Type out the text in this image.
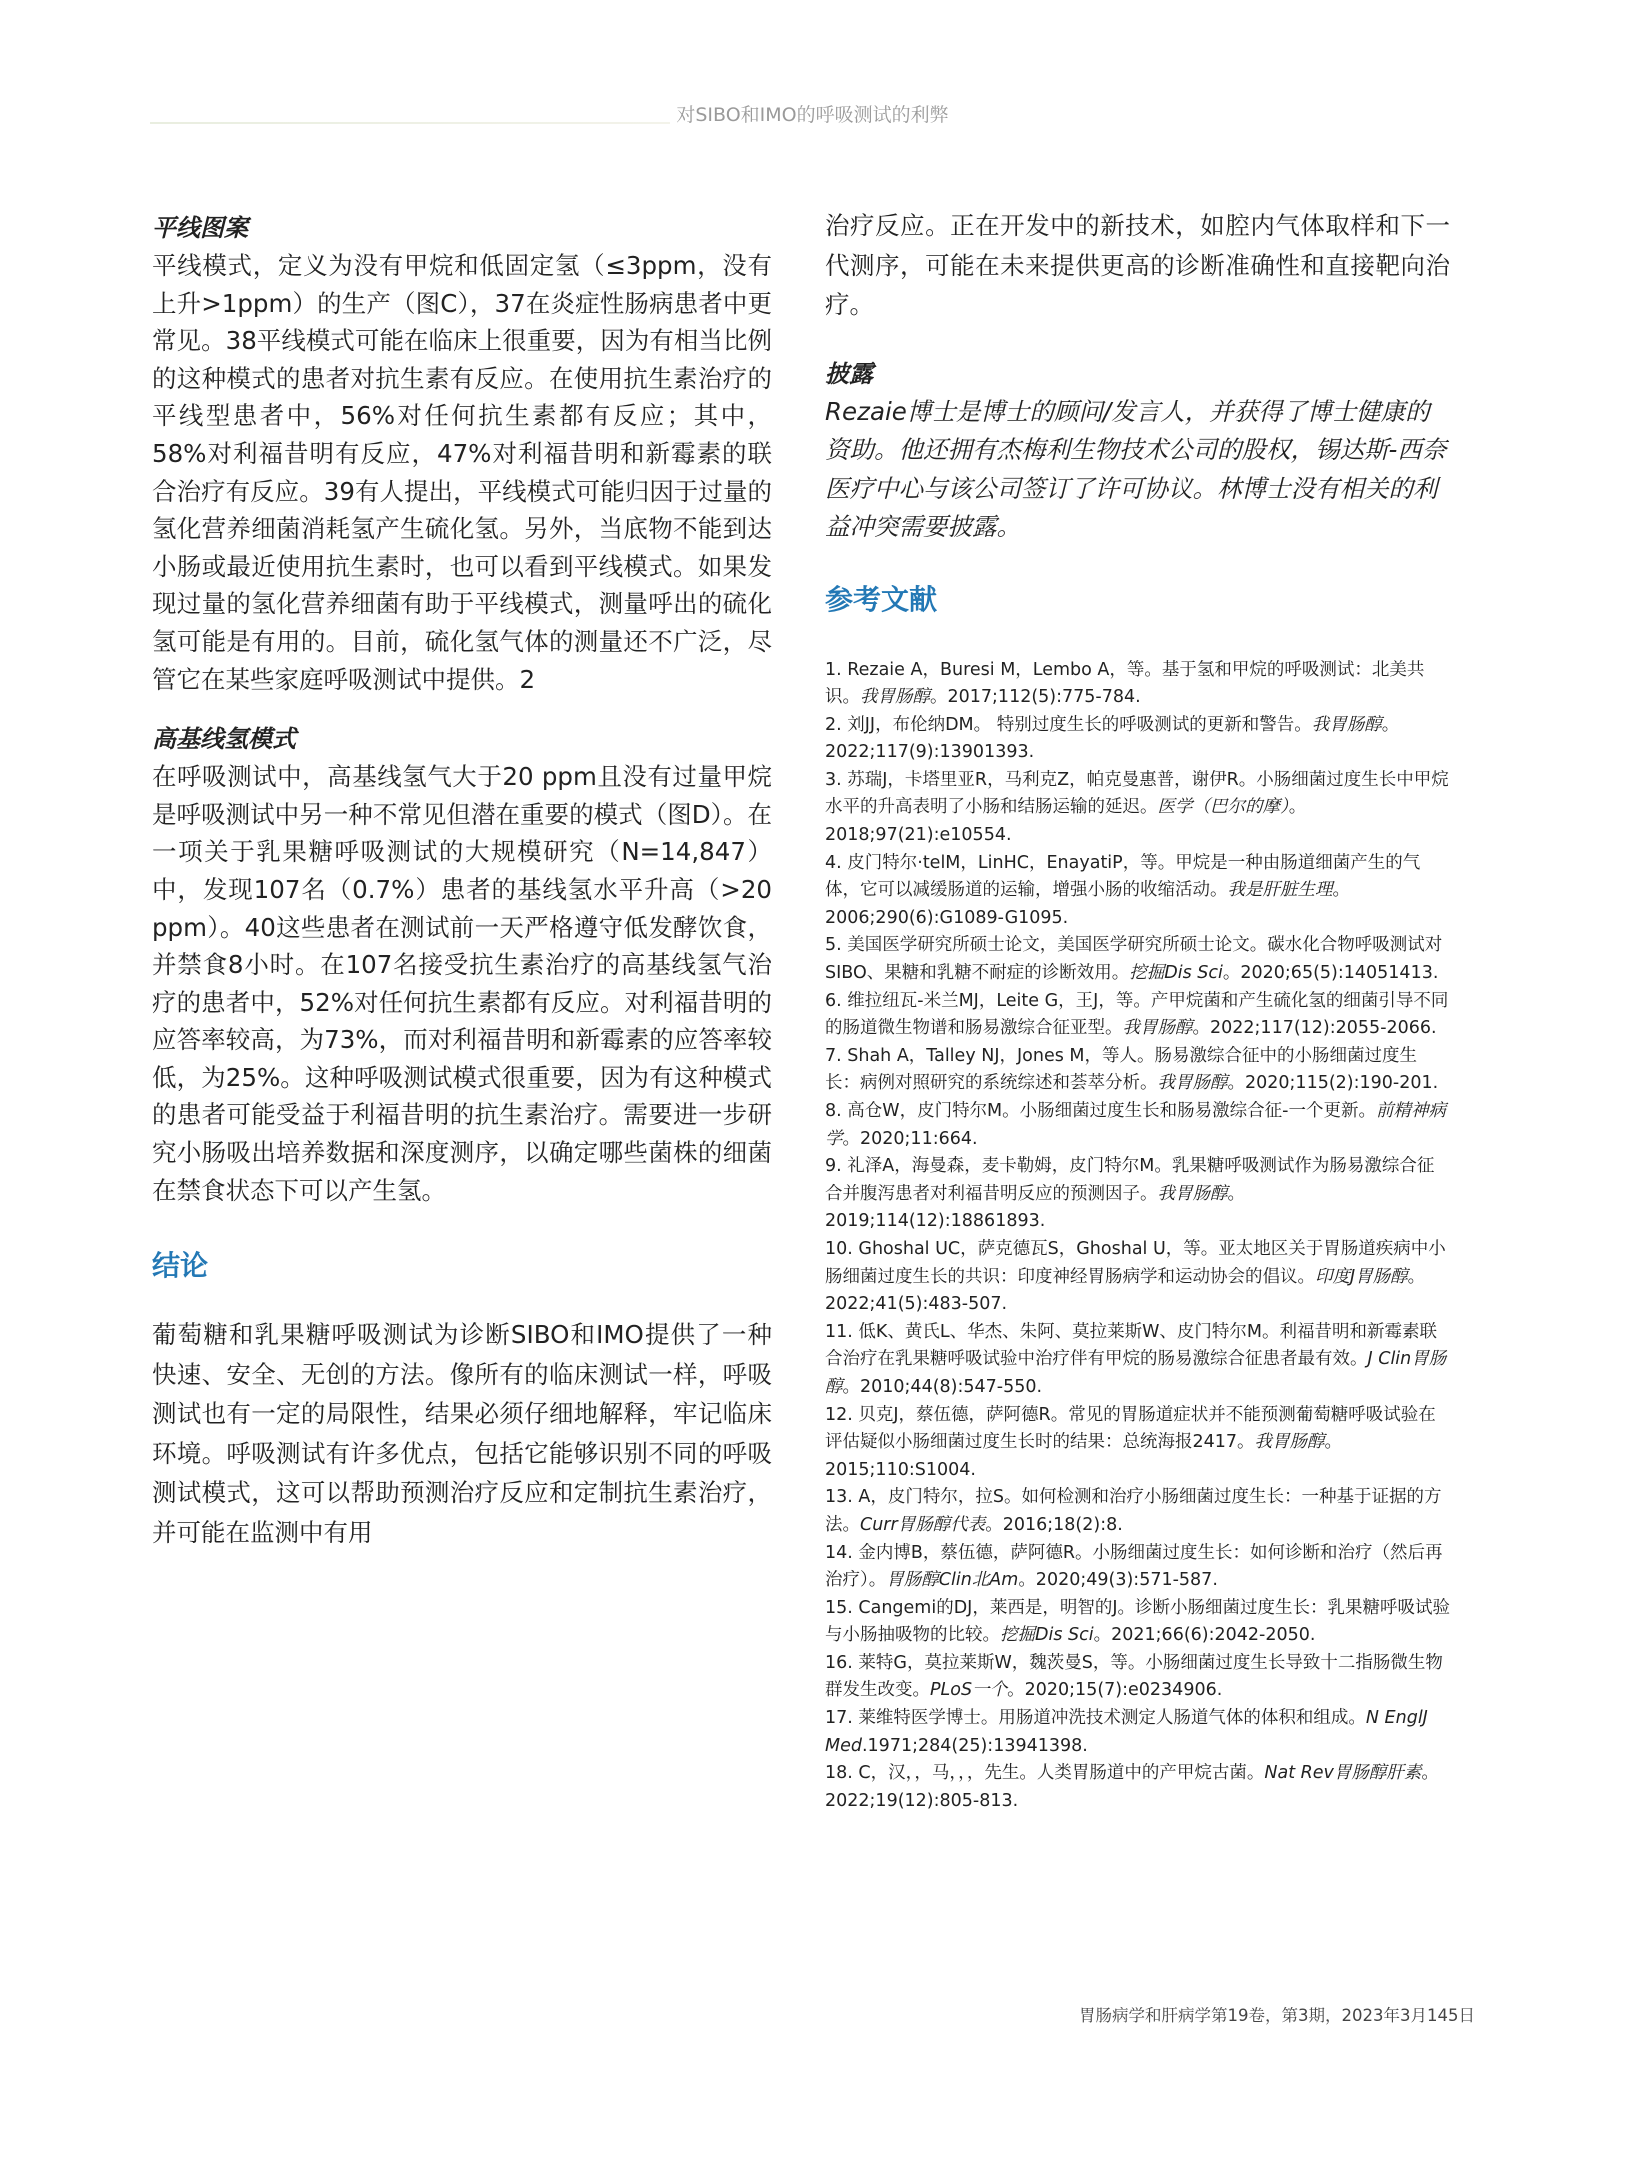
对SIBO和IMO的呼吸测试的利弊
平线图案

平线模式，定义为没有甲烷和低固定氢（≤3ppm，没有上升>1ppm）的生产（图C），37在炎症性肠病患者中更常见。38平线模式可能在临床上很重要，因为有相当比例的这种模式的患者对抗生素有反应。在使用抗生素治疗的平线型患者中，56%对任何抗生素都有反应；其中，58%对利福昔明有反应，47%对利福昔明和新霉素的联合治疗有反应。39有人提出，平线模式可能归因于过量的氢化营养细菌消耗氢产生硫化氢。另外，当底物不能到达小肠或最近使用抗生素时，也可以看到平线模式。如果发现过量的氢化营养细菌有助于平线模式，测量呼出的硫化氢可能是有用的。目前，硫化氢气体的测量还不广泛，尽管它在某些家庭呼吸测试中提供。2

高基线氢模式

在呼吸测试中，高基线氢气大于20 ppm且没有过量甲烷是呼吸测试中另一种不常见但潜在重要的模式（图D）。在一项关于乳果糖呼吸测试的大规模研究（N=14,847）中，发现107名（0.7%）患者的基线氢水平升高（>20 ppm）。40这些患者在测试前一天严格遵守低发酵饮食，并禁食8小时。在107名接受抗生素治疗的高基线氢气治疗的患者中，52%对任何抗生素都有反应。对利福昔明的应答率较高，为73%，而对利福昔明和新霉素的应答率较低，为25%。这种呼吸测试模式很重要，因为有这种模式的患者可能受益于利福昔明的抗生素治疗。需要进一步研究小肠吸出培养数据和深度测序，以确定哪些菌株的细菌在禁食状态下可以产生氢。

结论

葡萄糖和乳果糖呼吸测试为诊断SIBO和IMO提供了一种快速、安全、无创的方法。像所有的临床测试一样，呼吸测试也有一定的局限性，结果必须仔细地解释，牢记临床环境。呼吸测试有许多优点，包括它能够识别不同的呼吸测试模式，这可以帮助预测治疗反应和定制抗生素治疗，并可能在监测中有用

治疗反应。正在开发中的新技术，如腔内气体取样和下一代测序，可能在未来提供更高的诊断准确性和直接靶向治疗。

披露

Rezaie博士是博士的顾问/发言人，并获得了博士健康的资助。他还拥有杰梅利生物技术公司的股权，锡达斯-西奈医疗中心与该公司签订了许可协议。林博士没有相关的利益冲突需要披露。

参考文献
1. Rezaie A，Buresi M，Lembo A，等。基于氢和甲烷的呼吸测试：北美共识。我胃肠醇。2017;112(5):775-784.
2. 刘JJ，布伦纳DM。 特别过度生长的呼吸测试的更新和警告。我胃肠醇。2022;117(9):13901393.
3. 苏瑞J，卡塔里亚R，马利克Z，帕克曼惠普，谢伊R。小肠细菌过度生长中甲烷水平的升高表明了小肠和结肠运输的延迟。医学（巴尔的摩）。2018;97(21):e10554.
4. 皮门特尔·telM，LinHC，EnayatiP，等。甲烷是一种由肠道细菌产生的气体，它可以减缓肠道的运输，增强小肠的收缩活动。我是肝脏生理。2006;290(6):G1089-G1095.
5. 美国医学研究所硕士论文，美国医学研究所硕士论文。碳水化合物呼吸测试对SIBO、果糖和乳糖不耐症的诊断效用。挖掘Dis Sci。2020;65(5):14051413.
6. 维拉纽瓦-米兰MJ，Leite G，王J，等。产甲烷菌和产生硫化氢的细菌引导不同的肠道微生物谱和肠易激综合征亚型。我胃肠醇。2022;117(12):2055-2066.
7. Shah A，Talley NJ，Jones M，等人。肠易激综合征中的小肠细菌过度生长：病例对照研究的系统综述和荟萃分析。我胃肠醇。2020;115(2):190-201.
8. 高仓W，皮门特尔M。小肠细菌过度生长和肠易激综合征-一个更新。前精神病学。2020;11:664.
9. 礼泽A，海曼森，麦卡勒姆，皮门特尔M。乳果糖呼吸测试作为肠易激综合征合并腹泻患者对利福昔明反应的预测因子。我胃肠醇。2019;114(12):18861893.
10. Ghoshal UC，萨克德瓦S，Ghoshal U，等。亚太地区关于胃肠道疾病中小肠细菌过度生长的共识：印度神经胃肠病学和运动协会的倡议。印度J胃肠醇。2022;41(5):483-507.
11. 低K、黄氏L、华杰、朱阿、莫拉莱斯W、皮门特尔M。利福昔明和新霉素联合治疗在乳果糖呼吸试验中治疗伴有甲烷的肠易激综合征患者最有效。J Clin胃肠醇。2010;44(8):547-550.
12. 贝克J，蔡伍德，萨阿德R。常见的胃肠道症状并不能预测葡萄糖呼吸试验在评估疑似小肠细菌过度生长时的结果：总统海报2417。我胃肠醇。2015;110:S1004.
13. A，皮门特尔，拉S。如何检测和治疗小肠细菌过度生长：一种基于证据的方法。Curr胃肠醇代表。2016;18(2):8.
14. 金内博B，蔡伍德，萨阿德R。小肠细菌过度生长：如何诊断和治疗（然后再治疗）。胃肠醇Clin北Am。2020;49(3):571-587.
15. Cangemi的DJ，莱西是，明智的J。诊断小肠细菌过度生长：乳果糖呼吸试验与小肠抽吸物的比较。挖掘Dis Sci。2021;66(6):2042-2050.
16. 莱特G，莫拉莱斯W，魏茨曼S，等。小肠细菌过度生长导致十二指肠微生物群发生改变。PLoS一个。2020;15(7):e0234906.
17. 莱维特医学博士。用肠道冲洗技术测定人肠道气体的体积和组成。N EnglJ Med.1971;284(25):13941398.
18. C，汉，，马，，，先生。人类胃肠道中的产甲烷古菌。Nat Rev胃肠醇肝素。2022;19(12):805-813.
胃肠病学和肝病学第19卷，第3期，2023年3月145日
